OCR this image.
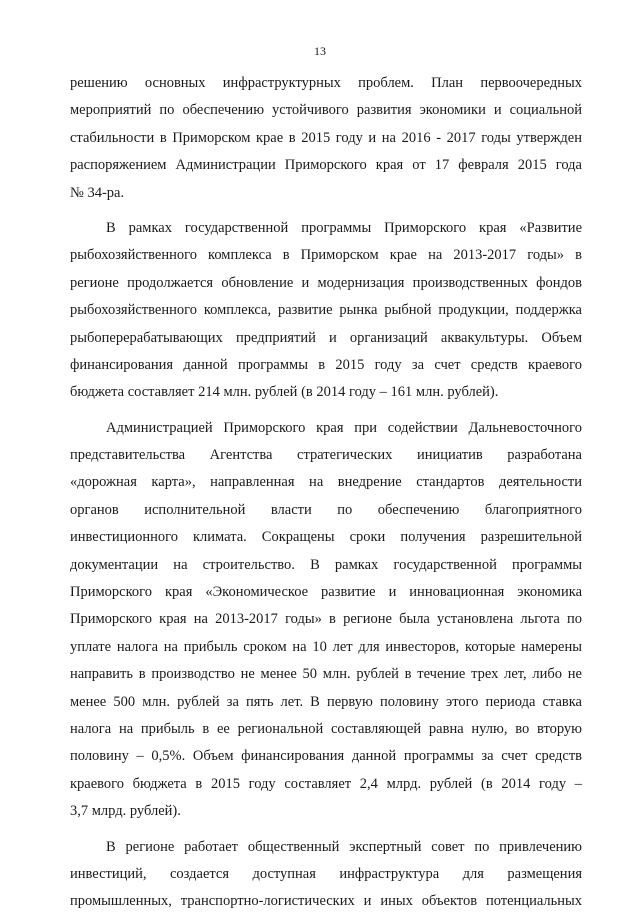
13
решению основных инфраструктурных проблем. План первоочередных
мероприятий по обеспечению устойчивого развития экономики и социальной
стабильности в Приморском крае в 2015 году и на 2016 - 2017 годы утвержден
распоряжением Администрации Приморского края от 17 февраля 2015 года
№ 34-ра.
В рамках государственной программы Приморского края «Развитие
рыбохозяйственного комплекса в Приморском крае на 2013-2017 годы» в
регионе продолжается обновление и модернизация производственных фондов
рыбохозяйственного комплекса, развитие рынка рыбной продукции, поддержка
рыбоперерабатывающих предприятий и организаций аквакультуры. Объем
финансирования данной программы в 2015 году за счет средств краевого
бюджета составляет 214 млн. рублей (в 2014 году – 161 млн. рублей).
Администрацией Приморского края при содействии Дальневосточного
представительства Агентства стратегических инициатив разработана
«дорожная карта», направленная на внедрение стандартов деятельности
органов исполнительной власти по обеспечению благоприятного
инвестиционного климата. Сокращены сроки получения разрешительной
документации на строительство. В рамках государственной программы
Приморского края «Экономическое развитие и инновационная экономика
Приморского края на 2013-2017 годы» в регионе была установлена льгота по
уплате налога на прибыль сроком на 10 лет для инвесторов, которые намерены
направить в производство не менее 50 млн. рублей в течение трех лет, либо не
менее 500 млн. рублей за пять лет. В первую половину этого периода ставка
налога на прибыль в ее региональной составляющей равна нулю, во вторую
половину – 0,5%. Объем финансирования данной программы за счет средств
краевого бюджета в 2015 году составляет 2,4 млрд. рублей (в 2014 году –
3,7 млрд. рублей).
В регионе работает общественный экспертный совет по привлечению
инвестиций, создается доступная инфраструктура для размещения
промышленных, транспортно-логистических и иных объектов потенциальных
